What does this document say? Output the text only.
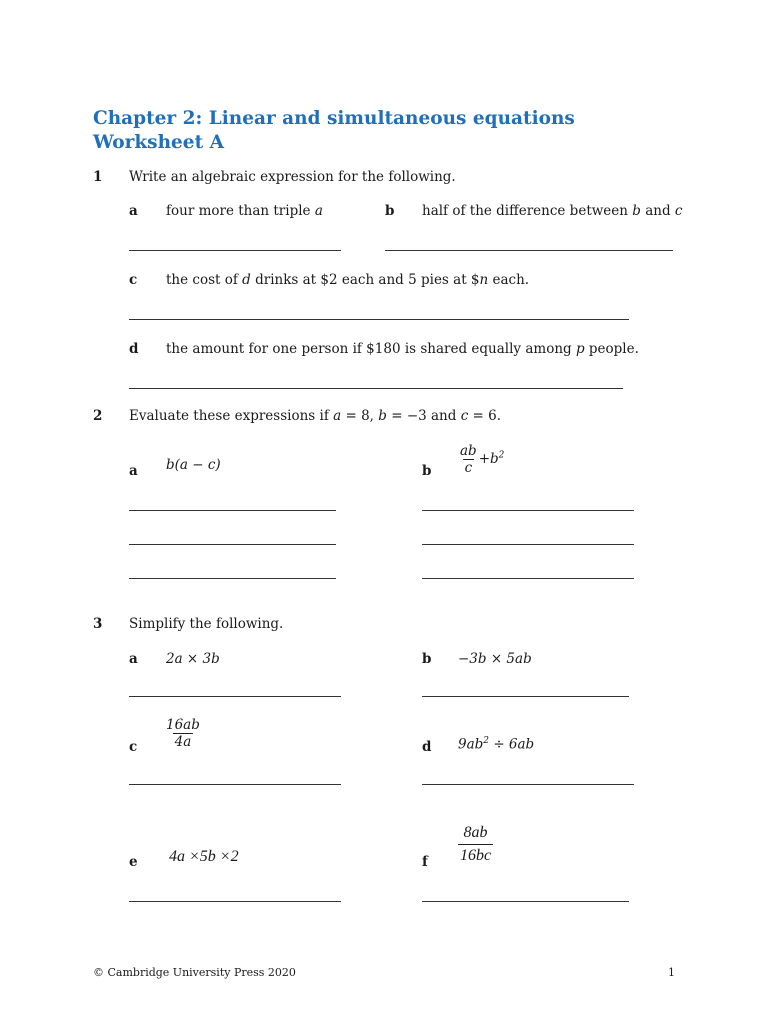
Chapter 2: Linear and simultaneous equations
Worksheet A
1 Write an algebraic expression for the following.
a four more than triple a	b half of the difference between b and c
c the cost of d drinks at $2 each and 5 pies at $n each.
d the amount for one person if $180 is shared equally among p people.
2 Evaluate these expressions if a = 8, b = −3 and c = 6.
a b(a − c)	b $\frac{ab}{c} +b^2$
3 Simplify the following.
a 2a × 3b	b −3b × 5ab
c $\frac{16ab}{4a}$	d $9ab^2 \div 6ab$
e 4a ×5b ×2	f $\frac{8ab}{16bc}$
© Cambridge University Press 2020	1
